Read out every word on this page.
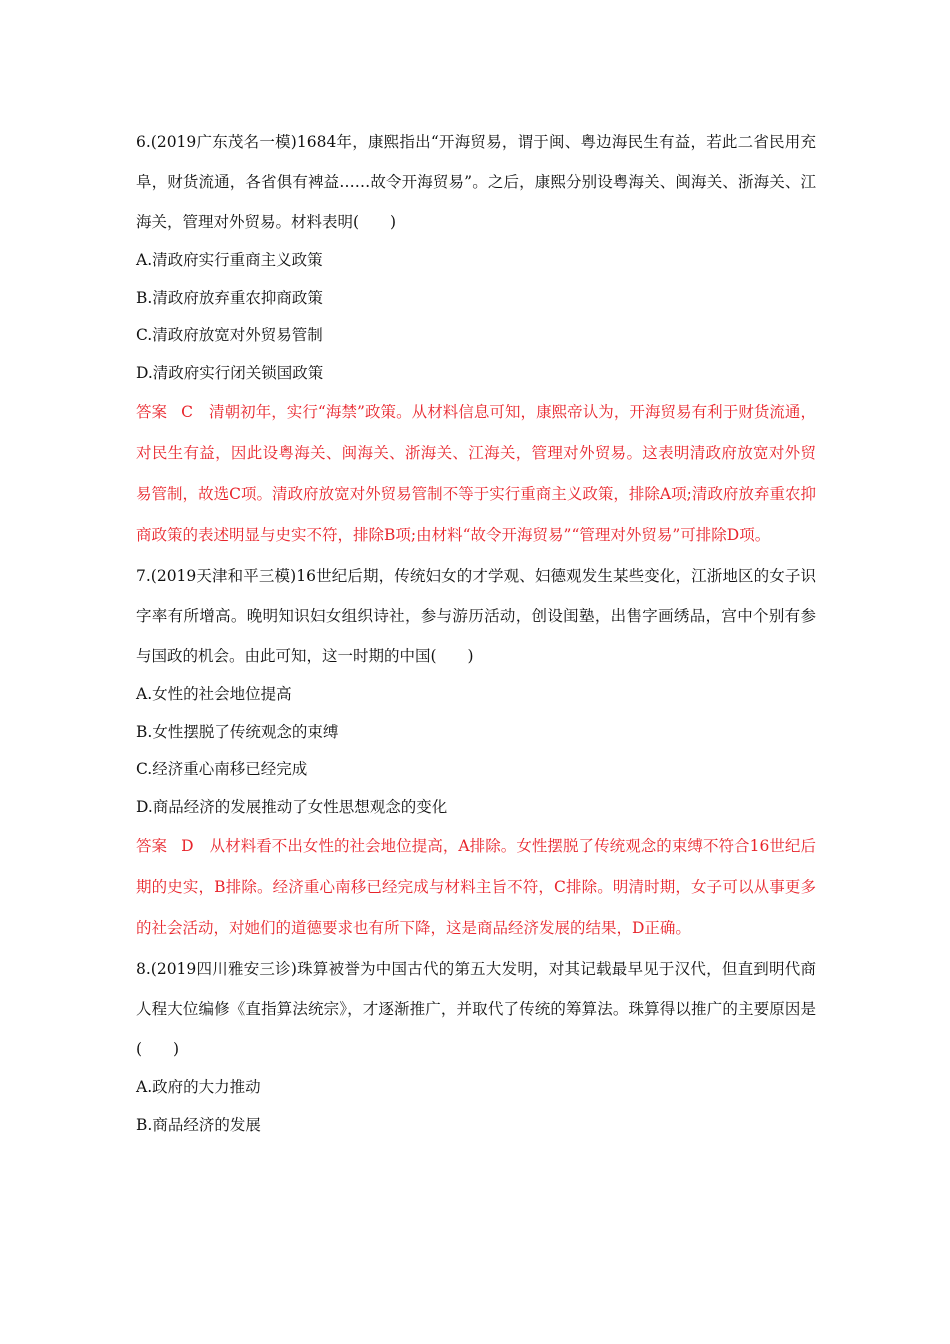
6.(2019广东茂名一模)1684年，康熙指出“开海贸易，谓于闽、粤边海民生有益，若此二省民用充阜，财货流通，各省俱有裨益……故令开海贸易”。之后，康熙分别设粤海关、闽海关、浙海关、江海关，管理对外贸易。材料表明(　　)

A.清政府实行重商主义政策

B.清政府放弃重农抑商政策

C.清政府放宽对外贸易管制

D.清政府实行闭关锁国政策

答案 C 清朝初年，实行“海禁”政策。从材料信息可知，康熙帝认为，开海贸易有利于财货流通，对民生有益，因此设粤海关、闽海关、浙海关、江海关，管理对外贸易。这表明清政府放宽对外贸易管制，故选C项。清政府放宽对外贸易管制不等于实行重商主义政策，排除A项;清政府放弃重农抑商政策的表述明显与史实不符，排除B项;由材料“故令开海贸易”“管理对外贸易”可排除D项。

7.(2019天津和平三模)16世纪后期，传统妇女的才学观、妇德观发生某些变化，江浙地区的女子识字率有所增高。晚明知识妇女组织诗社，参与游历活动，创设闺塾，出售字画绣品，宫中个别有参与国政的机会。由此可知，这一时期的中国(　　)

A.女性的社会地位提高

B.女性摆脱了传统观念的束缚

C.经济重心南移已经完成

D.商品经济的发展推动了女性思想观念的变化

答案 D 从材料看不出女性的社会地位提高，A排除。女性摆脱了传统观念的束缚不符合16世纪后期的史实，B排除。经济重心南移已经完成与材料主旨不符，C排除。明清时期，女子可以从事更多的社会活动，对她们的道德要求也有所下降，这是商品经济发展的结果，D正确。

8.(2019四川雅安三诊)珠算被誉为中国古代的第五大发明，对其记载最早见于汉代，但直到明代商人程大位编修《直指算法统宗》，才逐渐推广，并取代了传统的筹算法。珠算得以推广的主要原因是(　　)

A.政府的大力推动

B.商品经济的发展
